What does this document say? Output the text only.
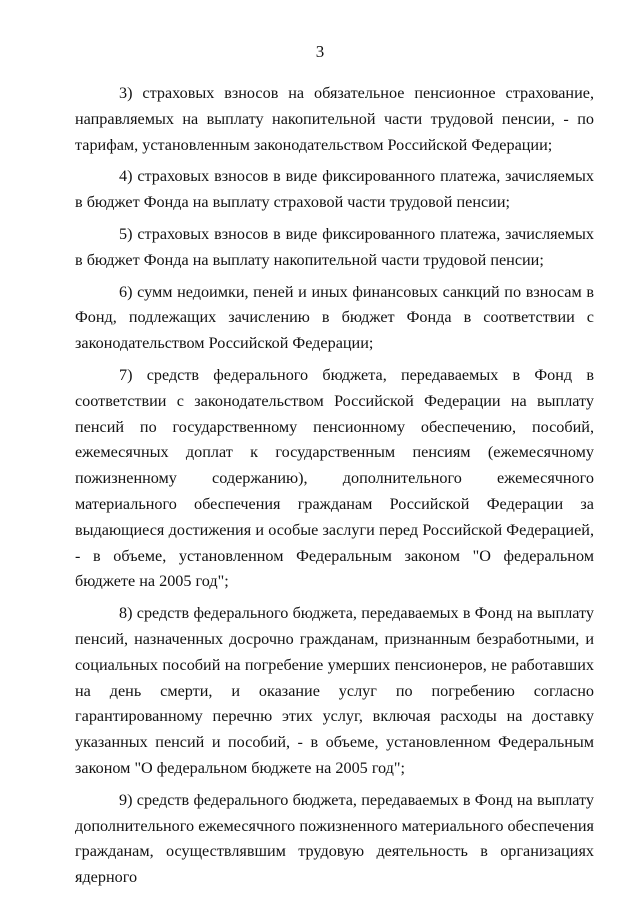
3

3) страховых взносов на обязательное пенсионное страхование, направляемых на выплату накопительной части трудовой пенсии, - по тарифам, установленным законодательством Российской Федерации;

4) страховых взносов в виде фиксированного платежа, зачисляемых в бюджет Фонда на выплату страховой части трудовой пенсии;

5) страховых взносов в виде фиксированного платежа, зачисляемых в бюджет Фонда на выплату накопительной части трудовой пенсии;

6) сумм недоимки, пеней и иных финансовых санкций по взносам в Фонд, подлежащих зачислению в бюджет Фонда в соответствии с законодательством Российской Федерации;

7) средств федерального бюджета, передаваемых в Фонд в соответствии с законодательством Российской Федерации на выплату пенсий по государственному пенсионному обеспечению, пособий, ежемесячных доплат к государственным пенсиям (ежемесячному пожизненному содержанию), дополнительного ежемесячного материального обеспечения гражданам Российской Федерации за выдающиеся достижения и особые заслуги перед Российской Федерацией, - в объеме, установленном Федеральным законом "О федеральном бюджете на 2005 год";

8) средств федерального бюджета, передаваемых в Фонд на выплату пенсий, назначенных досрочно гражданам, признанным безработными, и социальных пособий на погребение умерших пенсионеров, не работавших на день смерти, и оказание услуг по погребению согласно гарантированному перечню этих услуг, включая расходы на доставку указанных пенсий и пособий, - в объеме, установленном Федеральным законом "О федеральном бюджете на 2005 год";

9) средств федерального бюджета, передаваемых в Фонд на выплату дополнительного ежемесячного пожизненного материального обеспечения гражданам, осуществлявшим трудовую деятельность в организациях ядерного
